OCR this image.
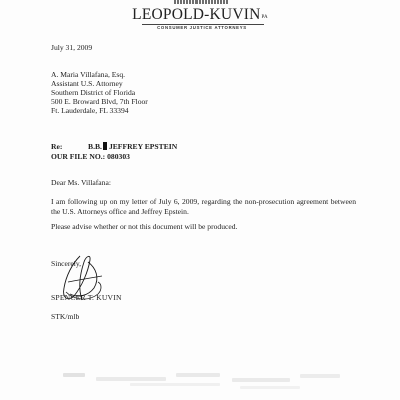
LEOPOLD-KUVINPA
CONSUMER JUSTICE ATTORNEYS
July 31, 2009
A. Maria Villafana, Esq.
Assistant U.S. Attorney
Southern District of Florida
500 E. Broward Blvd, 7th Floor
Ft. Lauderdale, FL 33394
Re:	B.B. JEFFREY EPSTEIN
OUR FILE NO.: 080303
Dear Ms. Villafana:
I am following up on my letter of July 6, 2009, regarding the non-prosecution agreement between the U.S. Attorneys office and Jeffrey Epstein.
Please advise whether or not this document will be produced.
Sincerely,
SPENCER T. KUVIN
STK/mlb
